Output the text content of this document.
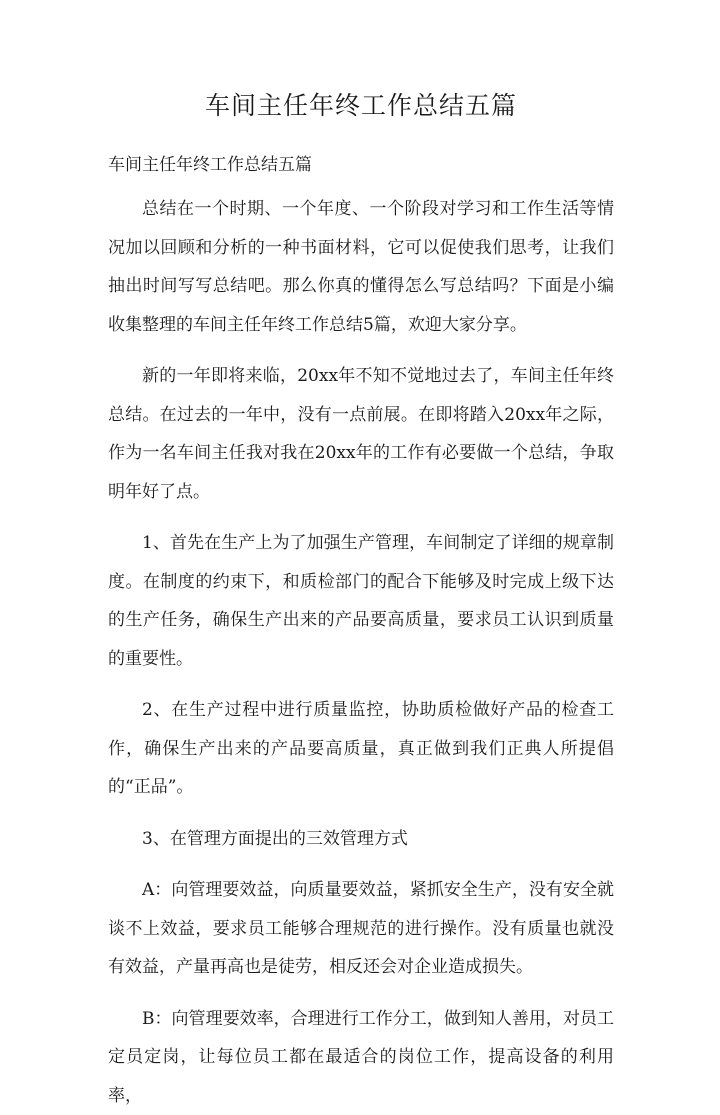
车间主任年终工作总结五篇

车间主任年终工作总结五篇

总结在一个时期、一个年度、一个阶段对学习和工作生活等情况加以回顾和分析的一种书面材料，它可以促使我们思考，让我们抽出时间写写总结吧。那么你真的懂得怎么写总结吗？下面是小编收集整理的车间主任年终工作总结5篇，欢迎大家分享。

新的一年即将来临，20xx年不知不觉地过去了，车间主任年终总结。在过去的一年中，没有一点前展。在即将踏入20xx年之际，作为一名车间主任我对我在20xx年的工作有必要做一个总结，争取明年好了点。

1、首先在生产上为了加强生产管理，车间制定了详细的规章制度。在制度的约束下，和质检部门的配合下能够及时完成上级下达的生产任务，确保生产出来的产品要高质量，要求员工认识到质量的重要性。

2、在生产过程中进行质量监控，协助质检做好产品的检查工作，确保生产出来的产品要高质量，真正做到我们正典人所提倡的“正品”。

3、在管理方面提出的三效管理方式

A：向管理要效益，向质量要效益，紧抓安全生产，没有安全就谈不上效益，要求员工能够合理规范的进行操作。没有质量也就没有效益，产量再高也是徒劳，相反还会对企业造成损失。

B：向管理要效率，合理进行工作分工，做到知人善用，对员工定员定岗，让每位员工都在最适合的岗位工作，提高设备的利用率，
